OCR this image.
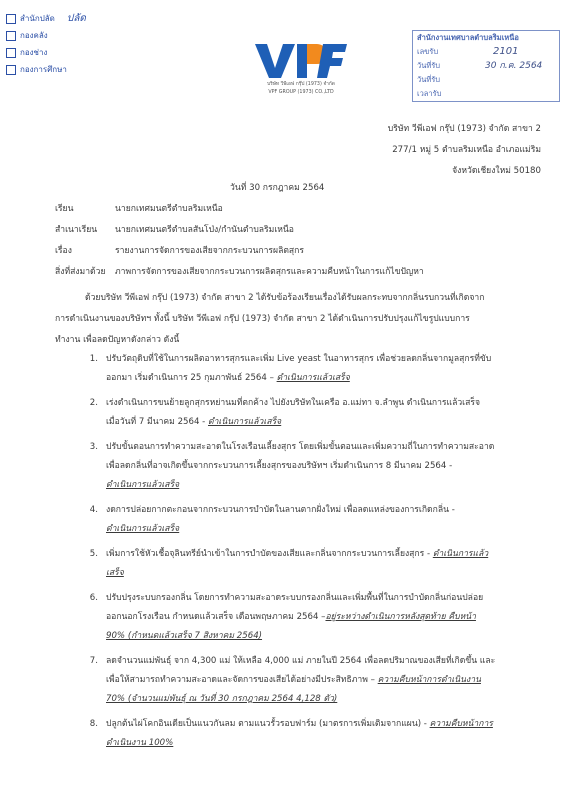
สำนักปลัด ปลัด
กองคลัง
กองช่าง
กองการศึกษา
บริษัท วีพีเอฟ กรุ๊ป (1973) จำกัด
VPF GROUP (1973) CO.,LTD
สำนักงานเทศบาลตำบลริมเหนือ
เลขรับ	2101
วันที่รับ	30 ก.ค. 2564
วันที่รับ
เวลารับ
บริษัท วีพีเอฟ กรุ๊ป (1973) จำกัด สาขา 2
277/1 หมู่ 5 ตำบลริมเหนือ อำเภอแม่ริม
จังหวัดเชียงใหม่ 50180
วันที่ 30 กรกฎาคม 2564
เรียน	นายกเทศมนตรีตำบลริมเหนือ
สำเนาเรียน	นายกเทศมนตรีตำบลสันโป่ง/กำนันตำบลริมเหนือ
เรื่อง	รายงานการจัดการของเสียจากกระบวนการผลิตสุกร
สิ่งที่ส่งมาด้วย	ภาพการจัดการของเสียจากกระบวนการผลิตสุกรและความคืบหน้าในการแก้ไขปัญหา
ด้วยบริษัท วีพีเอฟ กรุ๊ป (1973) จำกัด สาขา 2 ได้รับข้อร้องเรียนเรื่องได้รับผลกระทบจากกลิ่นรบกวนที่เกิดจาก
การดำเนินงานของบริษัทฯ ทั้งนี้ บริษัท วีพีเอฟ กรุ๊ป (1973) จำกัด สาขา 2 ได้ดำเนินการปรับปรุงแก้ไขรูปแบบการ
ทำงาน เพื่อลดปัญหาดังกล่าว ดังนี้
1. ปรับวัตถุดิบที่ใช้ในการผลิตอาหารสุกรและเพิ่ม Live yeast ในอาหารสุกร เพื่อช่วยลดกลิ่นจากมูลสุกรที่ขับ
ออกมา เริ่มดำเนินการ 25 กุมภาพันธ์ 2564 – ดำเนินการแล้วเสร็จ
2. เร่งดำเนินการขนย้ายลูกสุกรหย่านมที่ตกค้าง ไปยังบริษัทในเครือ อ.แม่ทา จ.ลำพูน ดำเนินการแล้วเสร็จ
เมื่อวันที่ 7 มีนาคม 2564 - ดำเนินการแล้วเสร็จ
3. ปรับขั้นตอนการทำความสะอาดในโรงเรือนเลี้ยงสุกร โดยเพิ่มขั้นตอนและเพิ่มความถี่ในการทำความสะอาด
เพื่อลดกลิ่นที่อาจเกิดขึ้นจากกระบวนการเลี้ยงสุกรของบริษัทฯ เริ่มดำเนินการ 8 มีนาคม 2564 -
ดำเนินการแล้วเสร็จ
4. งดการปล่อยกากตะกอนจากกระบวนการบำบัดในลานตากฝั่งใหม่ เพื่อลดแหล่งของการเกิดกลิ่น -
ดำเนินการแล้วเสร็จ
5. เพิ่มการใช้หัวเชื้อจุลินทรีย์นำเข้าในการบำบัดของเสียและกลิ่นจากกระบวนการเลี้ยงสุกร - ดำเนินการแล้ว
เสร็จ
6. ปรับปรุงระบบกรองกลิ่น โดยการทำความสะอาดระบบกรองกลิ่นและเพิ่มพื้นที่ในการบำบัดกลิ่นก่อนปล่อย
ออกนอกโรงเรือน กำหนดแล้วเสร็จ เดือนพฤษภาคม 2564 –อยู่ระหว่างดำเนินการหลังสุดท้าย คืบหน้า
90% (กำหนดแล้วเสร็จ 7 สิงหาคม 2564)
7. ลดจำนวนแม่พันธุ์ จาก 4,300 แม่ ให้เหลือ 4,000 แม่ ภายในปี 2564 เพื่อลดปริมาณของเสียที่เกิดขึ้น และ
เพื่อให้สามารถทำความสะอาดและจัดการของเสียได้อย่างมีประสิทธิภาพ – ความคืบหน้าการดำเนินงาน
70% (จำนวนแม่พันธุ์ ณ วันที่ 30 กรกฎาคม 2564 4,128 ตัว)
8. ปลูกต้นไผ่โคกอินเดียเป็นแนวกันลม ตามแนวรั้วรอบฟาร์ม (มาตรการเพิ่มเติมจากแผน) - ความคืบหน้าการ
ดำเนินงาน 100%
